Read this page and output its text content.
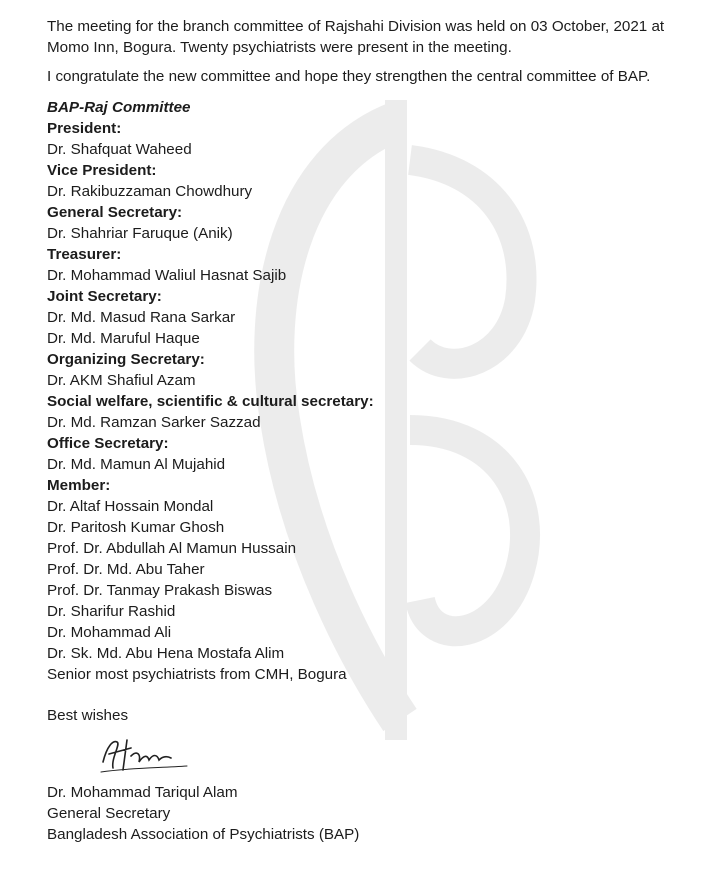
The meeting for the branch committee of Rajshahi Division was held on 03 October, 2021 at Momo Inn, Bogura. Twenty psychiatrists were present in the meeting.

I congratulate the new committee and hope they strengthen the central committee of BAP.

BAP-Raj Committee
President:
Dr. Shafquat Waheed
Vice President:
Dr. Rakibuzzaman Chowdhury
General Secretary:
Dr. Shahriar Faruque (Anik)
Treasurer:
Dr. Mohammad Waliul Hasnat Sajib
Joint Secretary:
Dr. Md. Masud Rana Sarkar
Dr. Md. Maruful Haque
Organizing Secretary:
Dr. AKM Shafiul Azam
Social welfare, scientific & cultural secretary:
Dr. Md. Ramzan Sarker Sazzad
Office Secretary:
Dr. Md. Mamun Al Mujahid
Member:
Dr. Altaf Hossain Mondal
Dr. Paritosh Kumar Ghosh
Prof. Dr. Abdullah Al Mamun Hussain
Prof. Dr. Md. Abu Taher
Prof. Dr. Tanmay Prakash Biswas
Dr. Sharifur Rashid
Dr. Mohammad Ali
Dr. Sk. Md. Abu Hena Mostafa Alim
Senior most psychiatrists from CMH, Bogura
Best wishes
Dr. Mohammad Tariqul Alam
General Secretary
Bangladesh Association of Psychiatrists (BAP)
